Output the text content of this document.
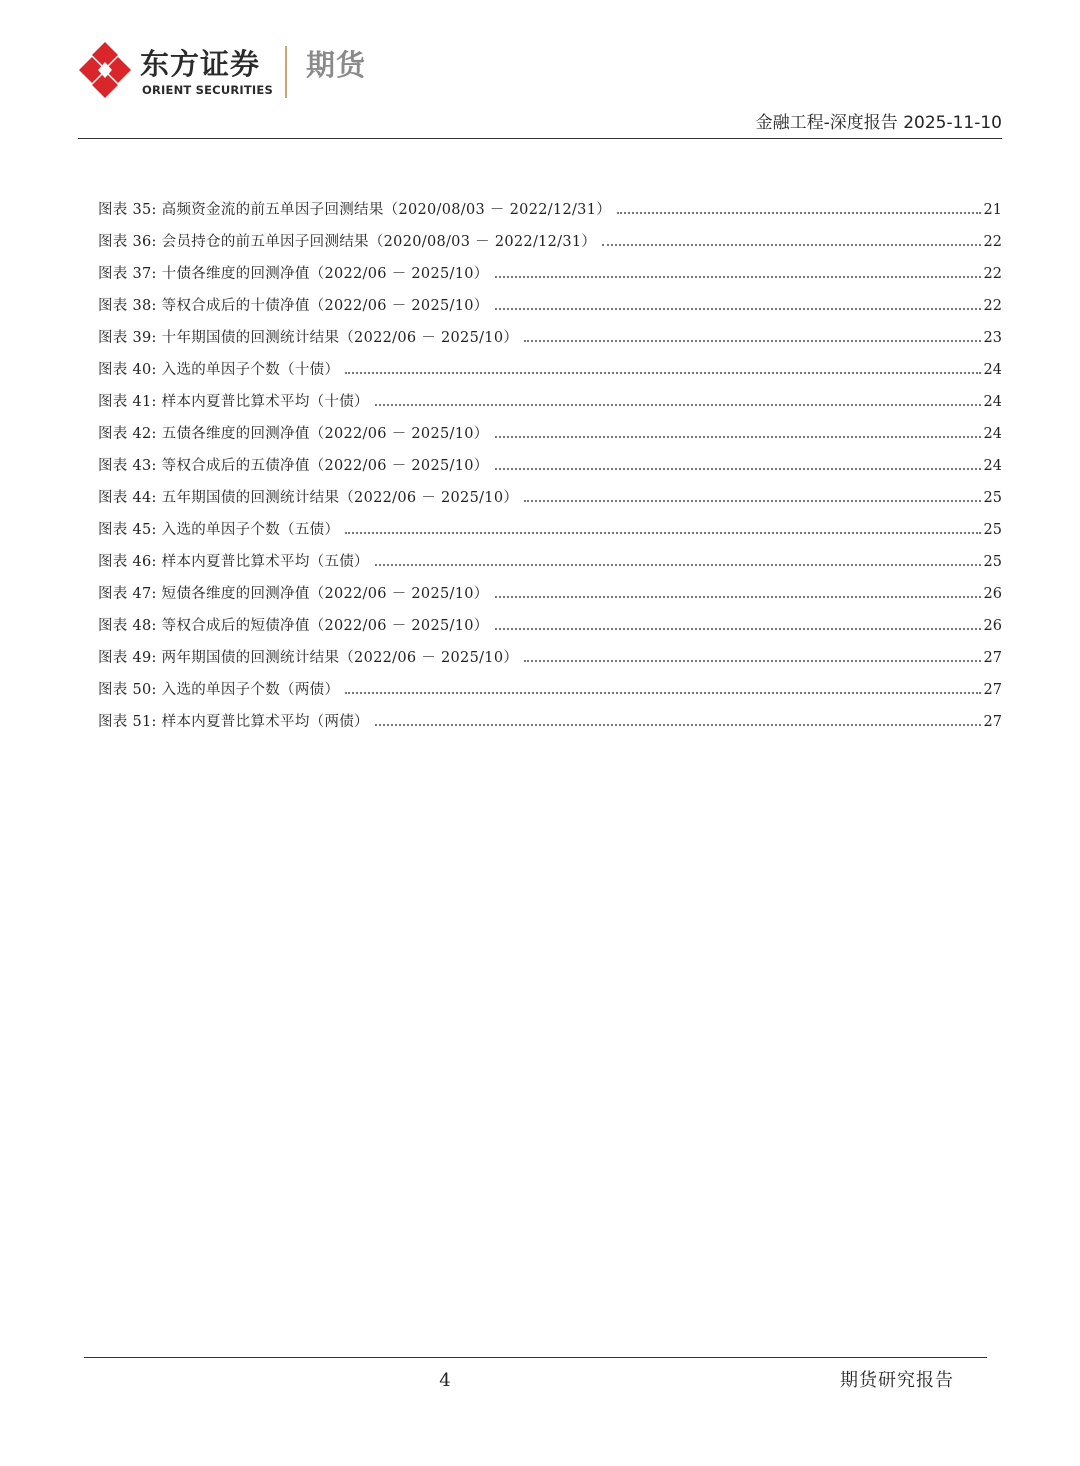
东方证券
ORIENT SECURITIES
期货
金融工程-深度报告 2025-11-10
图表 35: 高频资金流的前五单因子回测结果（2020/08/03 － 2022/12/31）	21
图表 36: 会员持仓的前五单因子回测结果（2020/08/03 － 2022/12/31）	22
图表 37: 十债各维度的回测净值（2022/06 － 2025/10）	22
图表 38: 等权合成后的十债净值（2022/06 － 2025/10）	22
图表 39: 十年期国债的回测统计结果（2022/06 － 2025/10）	23
图表 40: 入选的单因子个数（十债）	24
图表 41: 样本内夏普比算术平均（十债）	24
图表 42: 五债各维度的回测净值（2022/06 － 2025/10）	24
图表 43: 等权合成后的五债净值（2022/06 － 2025/10）	24
图表 44: 五年期国债的回测统计结果（2022/06 － 2025/10）	25
图表 45: 入选的单因子个数（五债）	25
图表 46: 样本内夏普比算术平均（五债）	25
图表 47: 短债各维度的回测净值（2022/06 － 2025/10）	26
图表 48: 等权合成后的短债净值（2022/06 － 2025/10）	26
图表 49: 两年期国债的回测统计结果（2022/06 － 2025/10）	27
图表 50: 入选的单因子个数（两债）	27
图表 51: 样本内夏普比算术平均（两债）	27
4	期货研究报告
